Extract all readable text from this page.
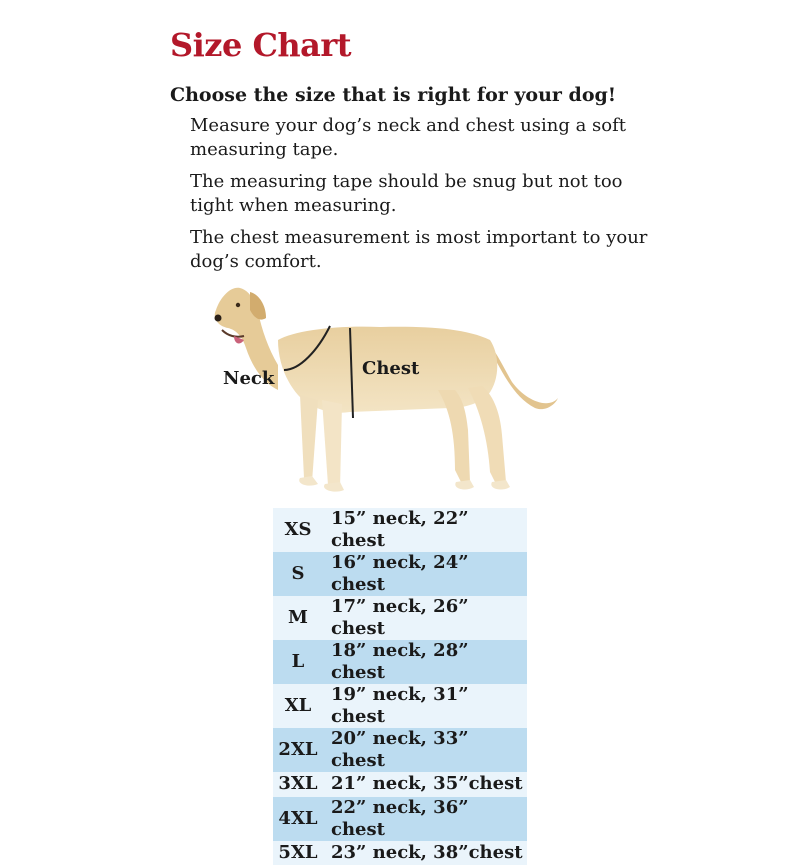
Size Chart
Choose the size that is right for your dog!
Measure your dog’s neck and chest using a soft measuring tape.
The measuring tape should be snug but not too tight when measuring.
The chest measurement is most important to your dog’s comfort.
Neck	Chest
XS	15” neck, 22” chest
S	16” neck, 24” chest
M	17” neck, 26” chest
L	18” neck, 28” chest
XL	19” neck, 31” chest
2XL	20” neck, 33” chest
3XL	21” neck, 35”chest
4XL	22” neck, 36” chest
5XL	23” neck, 38”chest
